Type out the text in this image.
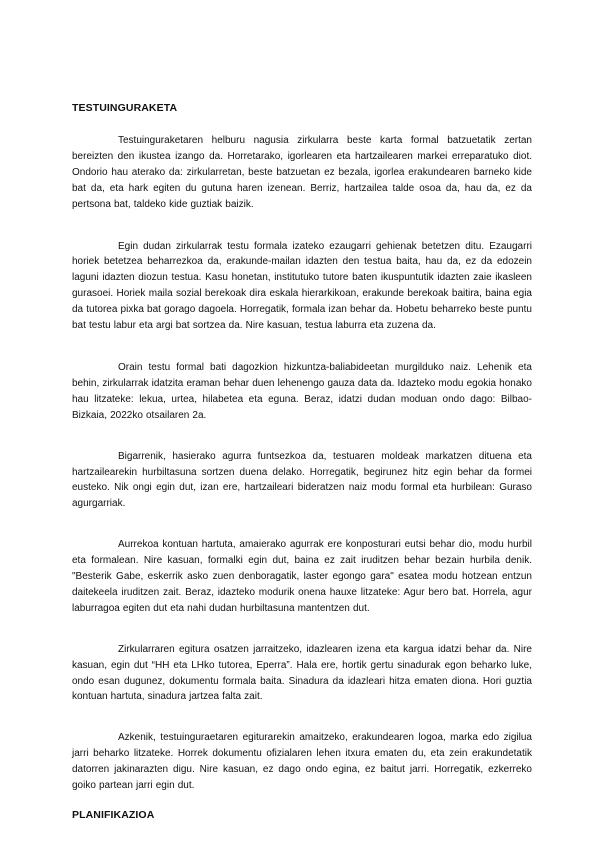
TESTUINGURAKETA

Testuinguraketaren helburu nagusia zirkularra beste karta formal batzuetatik zertan bereizten den ikustea izango da. Horretarako, igorlearen eta hartzailearen markei erreparatuko diot. Ondorio hau aterako da: zirkularretan, beste batzuetan ez bezala, igorlea erakundearen barneko kide bat da, eta hark egiten du gutuna haren izenean. Berriz, hartzailea talde osoa da, hau da, ez da pertsona bat, taldeko kide guztiak baizik.

Egin dudan zirkularrak testu formala izateko ezaugarri gehienak betetzen ditu. Ezaugarri horiek betetzea beharrezkoa da, erakunde-mailan idazten den testua baita, hau da, ez da edozein laguni idazten diozun testua. Kasu honetan, institutuko tutore baten ikuspuntutik idazten zaie ikasleen gurasoei. Horiek maila sozial berekoak dira eskala hierarkikoan, erakunde berekoak baitira, baina egia da tutorea pixka bat gorago dagoela. Horregatik, formala izan behar da. Hobetu beharreko beste puntu bat testu labur eta argi bat sortzea da. Nire kasuan, testua laburra eta zuzena da.

Orain testu formal bati dagozkion hizkuntza-baliabideetan murgilduko naiz. Lehenik eta behin, zirkularrak idatzita eraman behar duen lehenengo gauza data da. Idazteko modu egokia honako hau litzateke: lekua, urtea, hilabetea eta eguna. Beraz, idatzi dudan moduan ondo dago: Bilbao-Bizkaia, 2022ko otsailaren 2a.

Bigarrenik, hasierako agurra funtsezkoa da, testuaren moldeak markatzen dituena eta hartzailearekin hurbiltasuna sortzen duena delako. Horregatik, begirunez hitz egin behar da formei eusteko. Nik ongi egin dut, izan ere, hartzaileari bideratzen naiz modu formal eta hurbilean: Guraso agurgarriak.

Aurrekoa kontuan hartuta, amaierako agurrak ere konposturari eutsi behar dio, modu hurbil eta formalean. Nire kasuan, formalki egin dut, baina ez zait iruditzen behar bezain hurbila denik. "Besterik Gabe, eskerrik asko zuen denboragatik, laster egongo gara" esatea modu hotzean entzun daitekeela iruditzen zait. Beraz, idazteko modurik onena hauxe litzateke: Agur bero bat. Horrela, agur laburragoa egiten dut eta nahi dudan hurbiltasuna mantentzen dut.

Zirkularraren egitura osatzen jarraitzeko, idazlearen izena eta kargua idatzi behar da. Nire kasuan, egin dut “HH eta LHko tutorea, Eperra”. Hala ere, hortik gertu sinadurak egon beharko luke, ondo esan dugunez, dokumentu formala baita. Sinadura da idazleari hitza ematen diona. Hori guztia kontuan hartuta, sinadura jartzea falta zait.

Azkenik, testuinguraetaren egiturarekin amaitzeko, erakundearen logoa, marka edo zigilua jarri beharko litzateke. Horrek dokumentu ofizialaren lehen itxura ematen du, eta zein erakundetatik datorren jakinarazten digu. Nire kasuan, ez dago ondo egina, ez baitut jarri. Horregatik, ezkerreko goiko partean jarri egin dut.

PLANIFIKAZIOA
